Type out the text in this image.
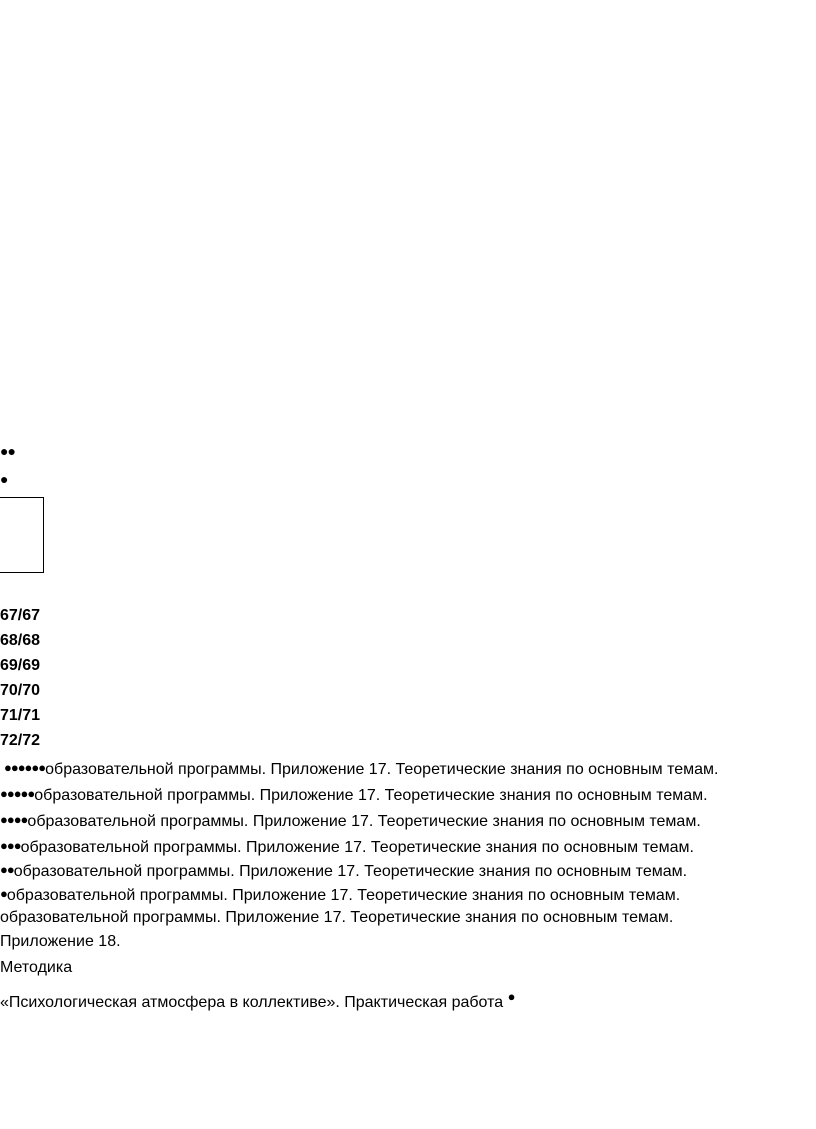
●●
●
67/67
68/68
69/69
70/70
71/71
72/72
●●●●●●образовательной программы. Приложение 17. Теоретические знания по основным темам.
●●●●●образовательной программы. Приложение 17. Теоретические знания по основным темам.
●●●●образовательной программы. Приложение 17. Теоретические знания по основным темам.
●●●образовательной программы. Приложение 17. Теоретические знания по основным темам.
●●образовательной программы. Приложение 17. Теоретические знания по основным темам.
●образовательной программы. Приложение 17. Теоретические знания по основным темам.
образовательной программы. Приложение 17. Теоретические знания по основным темам.
Приложение 18.
Методика
«Психологическая атмосфера в коллективе». Практическая работа ●
